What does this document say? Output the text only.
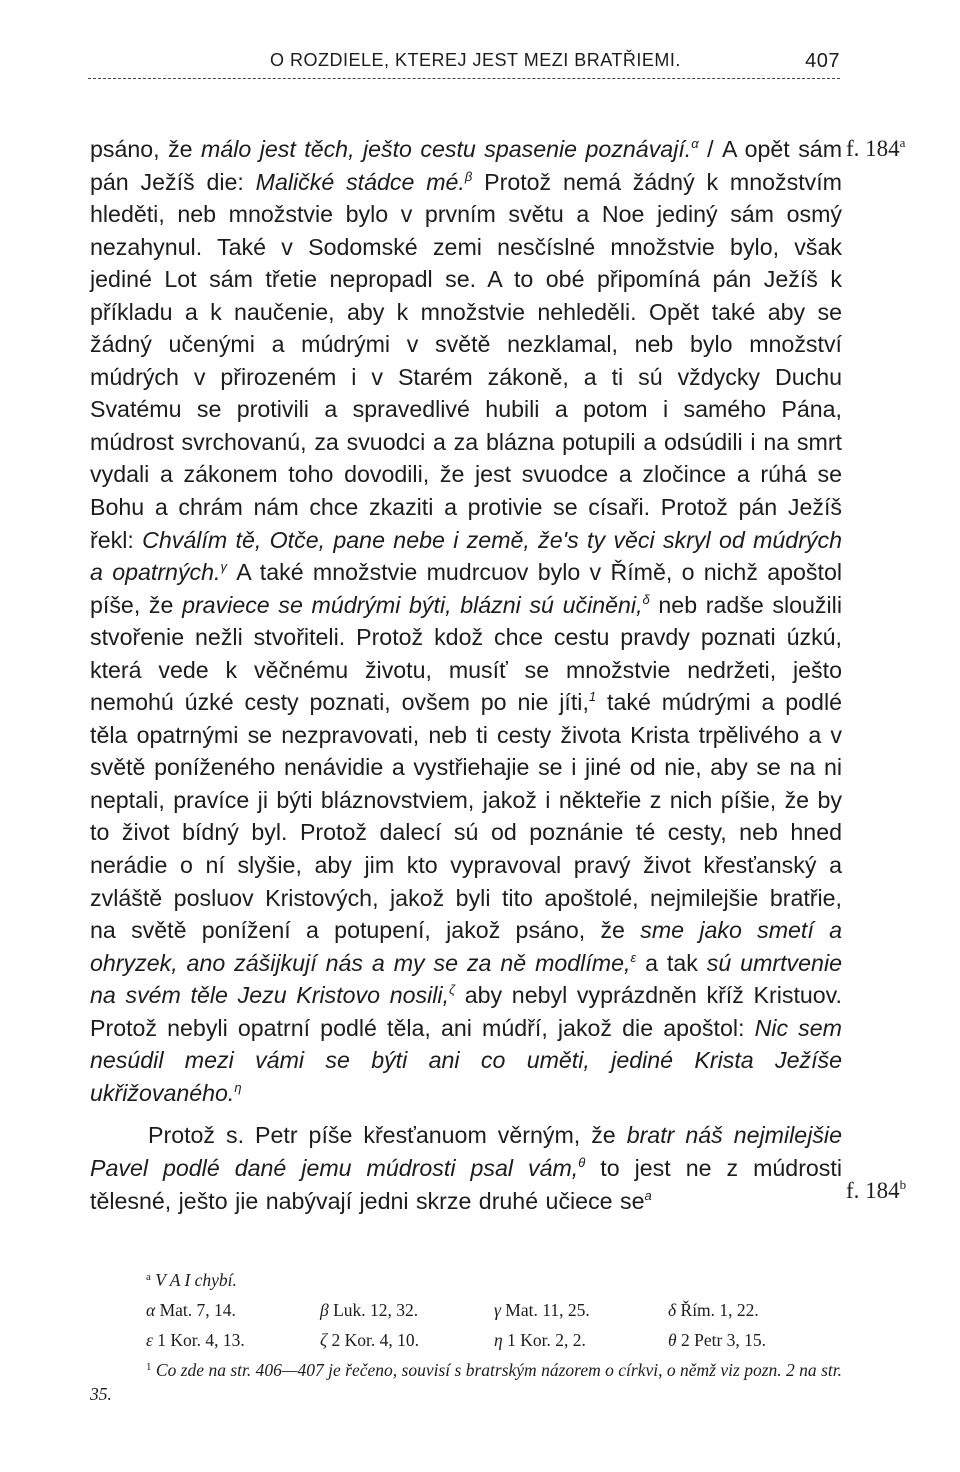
O ROZDIELE, KTEREJ JEST MEZI BRATŘIEMI.	407
f. 184$^a$
f. 184$^b$

psáno, že málo jest těch, ješto cestu spasenie poznávají.$^\alpha$ / A opět sám pán Ježíš die: Maličké stádce mé.$^\beta$ Protož nemá žádný k množstvím hleděti, neb množstvie bylo v prvním světu a Noe jediný sám osmý nezahynul. Také v Sodomské zemi nesčíslné množstvie bylo, však jediné Lot sám třetie nepropadl se. A to obé připomíná pán Ježíš k příkladu a k naučenie, aby k množstvie nehleděli. Opět také aby se žádný učenými a múdrými v světě nezklamal, neb bylo množství múdrých v přirozeném i v Starém zákoně, a ti sú vždycky Duchu Svatému se protivili a spravedlivé hubili a potom i samého Pána, múdrost svrchovanú, za svuodci a za blázna potupili a odsúdili i na smrt vydali a zákonem toho dovodili, že jest svuodce a zločince a rúhá se Bohu a chrám nám chce zkaziti a protivie se císaři. Protož pán Ježíš řekl: Chválím tě, Otče, pane nebe i země, že's ty věci skryl od múdrých a opatrných.$^\gamma$ A také množstvie mudrcuov bylo v Římě, o nichž apoštol píše, že praviece se múdrými býti, blázni sú učiněni,$^\delta$ neb radše sloužili stvořenie nežli stvořiteli. Protož kdož chce cestu pravdy poznati úzkú, která vede k věčnému životu, musíť se množstvie nedržeti, ješto nemohú úzké cesty poznati, ovšem po nie jíti,$^1$ také múdrými a podlé těla opatrnými se nezpravovati, neb ti cesty života Krista trpělivého a v světě poníženého nenávidie a vystřiehajie se i jiné od nie, aby se na ni neptali, pravíce ji býti bláznovstviem, jakož i někteřie z nich píšie, že by to život bídný byl. Protož dalecí sú od poznánie té cesty, neb hned nerádie o ní slyšie, aby jim kto vypravoval pravý život křesťanský a zvláště posluov Kristových, jakož byli tito apoštolé, nejmilejšie bratřie, na světě ponížení a potupení, jakož psáno, že sme jako smetí a ohryzek, ano zášijkují nás a my se za ně modlíme,$^\varepsilon$ a tak sú umrtvenie na svém těle Jezu Kristovo nosili,$^\zeta$ aby nebyl vyprázdněn kříž Kristuov. Protož nebyli opatrní podlé těla, ani múdří, jakož die apoštol: Nic sem nesúdil mezi vámi se býti ani co uměti, jediné Krista Ježíše ukřižovaného.$^\eta$

Protož s. Petr píše křesťanuom věrným, že bratr náš nejmilejšie Pavel podlé dané jemu múdrosti psal vám,$^\theta$ to jest ne z múdrosti tělesné, ješto jie nabývají jedni skrze druhé učiece $se^a$

$^a$ V A I chybí.
α Mat. 7, 14.	β Luk. 12, 32.	γ Mat. 11, 25.	δ Řím. 1, 22.
ε 1 Kor. 4, 13.	ζ 2 Kor. 4, 10.	η 1 Kor. 2, 2.	θ 2 Petr 3, 15.
$^1$ Co zde na str. 406—407 je řečeno, souvisí s bratrským názorem o církvi, o němž viz pozn. 2 na str. 35.
